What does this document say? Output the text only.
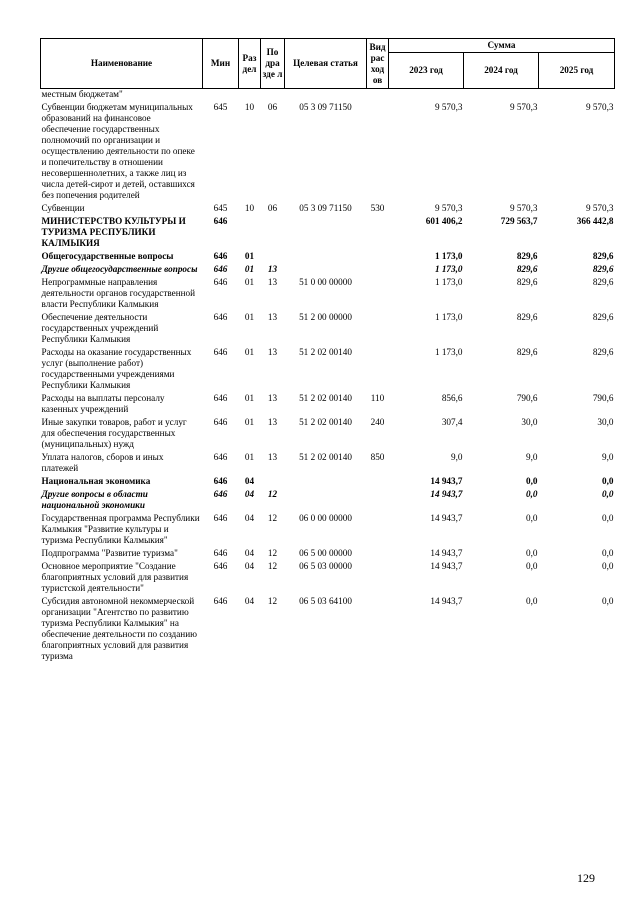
Наименование	Мин	Раз дел	По дра зде л	Целевая статья	Вид рас ход ов	Сумма		
						2023 год	2024 год	2025 год
местным бюджетам"								

Субвенции бюджетам муниципальных образований на финансовое обеспечение государственных полномочий по организации и осуществлению деятельности по опеке и попечительству в отношении несовершеннолетних, а также лиц из числа детей-сирот и детей, оставшихся без попечения родителей	645	10	06	05 3 09 71150		9 570,3	9 570,3	9 570,3

Субвенции	645	10	06	05 3 09 71150	530	9 570,3	9 570,3	9 570,3

МИНИСТЕРСТВО КУЛЬТУРЫ И ТУРИЗМА РЕСПУБЛИКИ КАЛМЫКИЯ	646					601 406,2	729 563,7	366 442,8

Общегосударственные вопросы	646	01				1 173,0	829,6	829,6

Другие общегосударственные вопросы	646	01	13			1 173,0	829,6	829,6

Непрограммные направления деятельности органов государственной власти Республики Калмыкия	646	01	13	51 0 00 00000		1 173,0	829,6	829,6

Обеспечение деятельности государственных учреждений Республики Калмыкия	646	01	13	51 2 00 00000		1 173,0	829,6	829,6

Расходы на оказание государственных услуг (выполнение работ) государственными учреждениями Республики Калмыкия	646	01	13	51 2 02 00140		1 173,0	829,6	829,6

Расходы на выплаты персоналу казенных учреждений	646	01	13	51 2 02 00140	110	856,6	790,6	790,6

Иные закупки товаров, работ и услуг для обеспечения государственных (муниципальных) нужд	646	01	13	51 2 02 00140	240	307,4	30,0	30,0

Уплата налогов, сборов и иных платежей	646	01	13	51 2 02 00140	850	9,0	9,0	9,0

Национальная экономика	646	04				14 943,7	0,0	0,0

Другие вопросы в области национальной экономики	646	04	12			14 943,7	0,0	0,0

Государственная программа Республики Калмыкия "Развитие культуры и туризма Республики Калмыкия"	646	04	12	06 0 00 00000		14 943,7	0,0	0,0

Подпрограмма "Развитие туризма"	646	04	12	06 5 00 00000		14 943,7	0,0	0,0

Основное мероприятие "Создание благоприятных условий для развития туристской деятельности"	646	04	12	06 5 03 00000		14 943,7	0,0	0,0

Субсидия автономной некоммерческой организации "Агентство по развитию туризма Республики Калмыкия" на обеспечение деятельности по созданию благоприятных условий для развития туризма	646	04	12	06 5 03 64100		14 943,7	0,0	0,0
129
